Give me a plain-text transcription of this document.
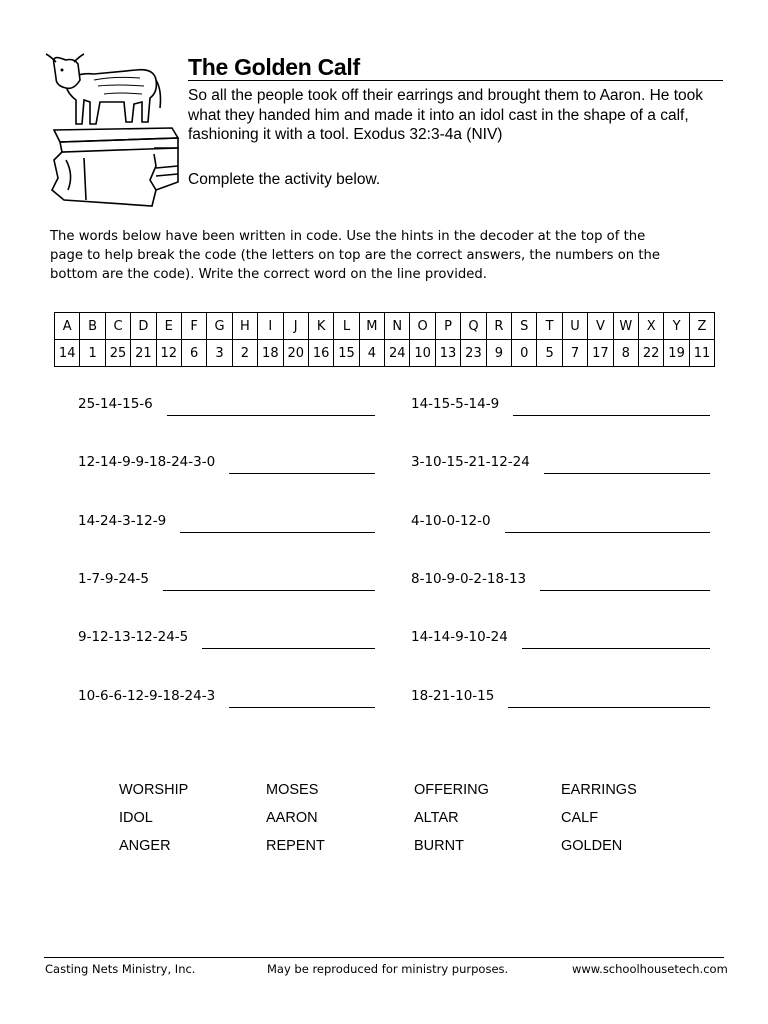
The Golden Calf
So all the people took off their earrings and brought them to Aaron. He took what they handed him and made it into an idol cast in the shape of a calf, fashioning it with a tool. Exodus 32:3-4a (NIV)
Complete the activity below.
The words below have been written in code. Use the hints in the decoder at the top of the page to help break the code (the letters on top are the correct answers, the numbers on the bottom are the code). Write the correct word on the line provided.
A	B	C	D	E	F	G	H	I	J	K	L	M	N	O	P	Q	R	S	T	U	V	W	X	Y	Z
14	1	25	21	12	6	3	2	18	20	16	15	4	24	10	13	23	9	0	5	7	17	8	22	19	11
25-14-15-6
12-14-9-9-18-24-3-0
14-24-3-12-9
1-7-9-24-5
9-12-13-12-24-5
10-6-6-12-9-18-24-3
14-15-5-14-9
3-10-15-21-12-24
4-10-0-12-0
8-10-9-0-2-18-13
14-14-9-10-24
18-21-10-15
WORSHIP	MOSES	OFFERING	EARRINGS
IDOL	AARON	ALTAR	CALF
ANGER	REPENT	BURNT	GOLDEN
Casting Nets Ministry, Inc.	May be reproduced for ministry purposes.	www.schoolhousetech.com
